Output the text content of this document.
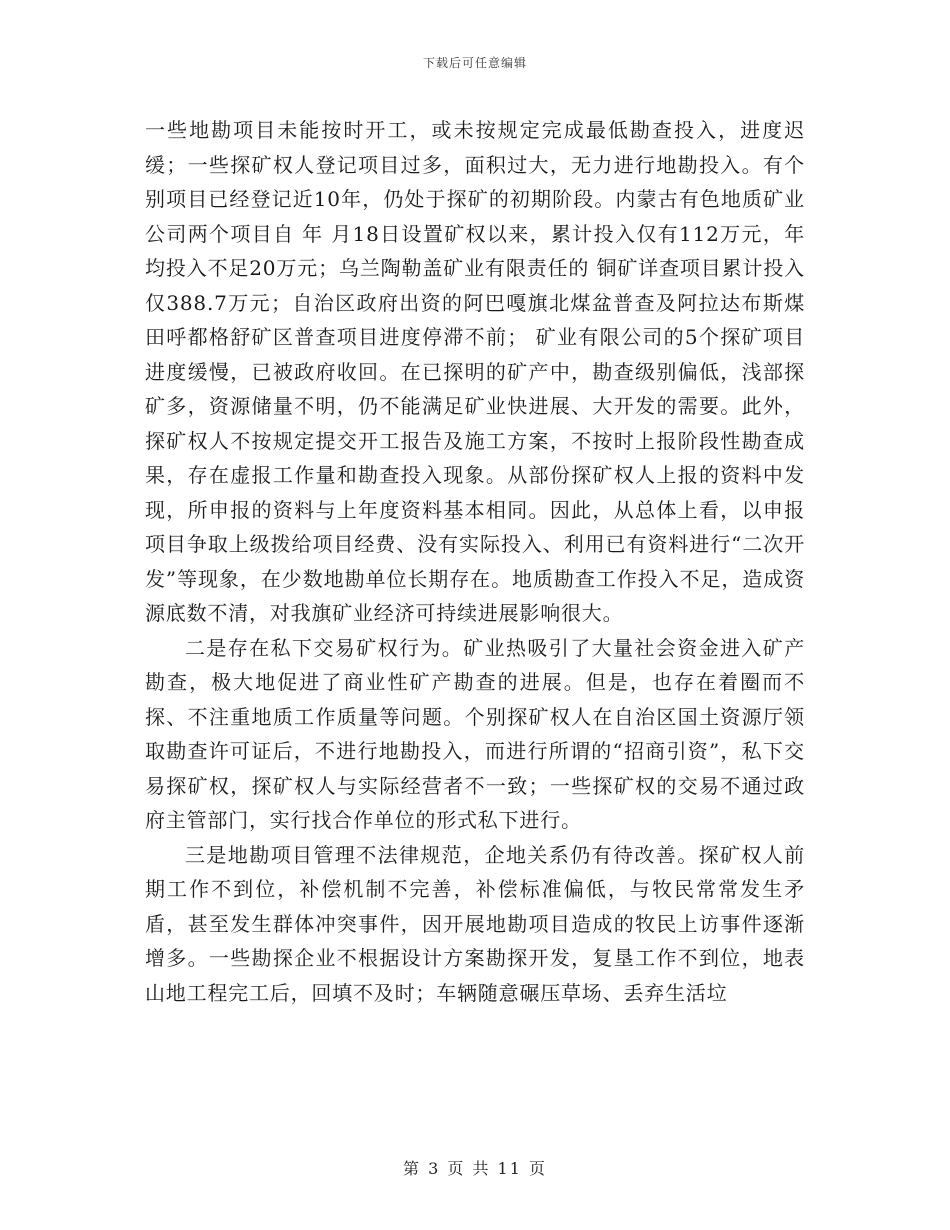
下载后可任意编辑

一些地勘项目未能按时开工，或未按规定完成最低勘查投入，进度迟缓；一些探矿权人登记项目过多，面积过大，无力进行地勘投入。有个别项目已经登记近10年，仍处于探矿的初期阶段。内蒙古有色地质矿业公司两个项目自 年 月18日设置矿权以来，累计投入仅有112万元，年均投入不足20万元；乌兰陶勒盖矿业有限责任的 铜矿详查项目累计投入仅388.7万元；自治区政府出资的阿巴嘎旗北煤盆普查及阿拉达布斯煤田呼都格舒矿区普查项目进度停滞不前； 矿业有限公司的5个探矿项目进度缓慢，已被政府收回。在已探明的矿产中，勘查级别偏低，浅部探矿多，资源储量不明，仍不能满足矿业快进展、大开发的需要。此外，探矿权人不按规定提交开工报告及施工方案，不按时上报阶段性勘查成果，存在虚报工作量和勘查投入现象。从部份探矿权人上报的资料中发现，所申报的资料与上年度资料基本相同。因此，从总体上看，以申报项目争取上级拨给项目经费、没有实际投入、利用已有资料进行“二次开发”等现象，在少数地勘单位长期存在。地质勘查工作投入不足，造成资源底数不清，对我旗矿业经济可持续进展影响很大。

二是存在私下交易矿权行为。矿业热吸引了大量社会资金进入矿产勘查，极大地促进了商业性矿产勘查的进展。但是，也存在着圈而不探、不注重地质工作质量等问题。个别探矿权人在自治区国土资源厅领取勘查许可证后，不进行地勘投入，而进行所谓的“招商引资”，私下交易探矿权，探矿权人与实际经营者不一致；一些探矿权的交易不通过政府主管部门，实行找合作单位的形式私下进行。

三是地勘项目管理不法律规范，企地关系仍有待改善。探矿权人前期工作不到位，补偿机制不完善，补偿标准偏低，与牧民常常发生矛盾，甚至发生群体冲突事件，因开展地勘项目造成的牧民上访事件逐渐增多。一些勘探企业不根据设计方案勘探开发，复垦工作不到位，地表山地工程完工后，回填不及时；车辆随意碾压草场、丢弃生活垃

第 3 页 共 11 页
